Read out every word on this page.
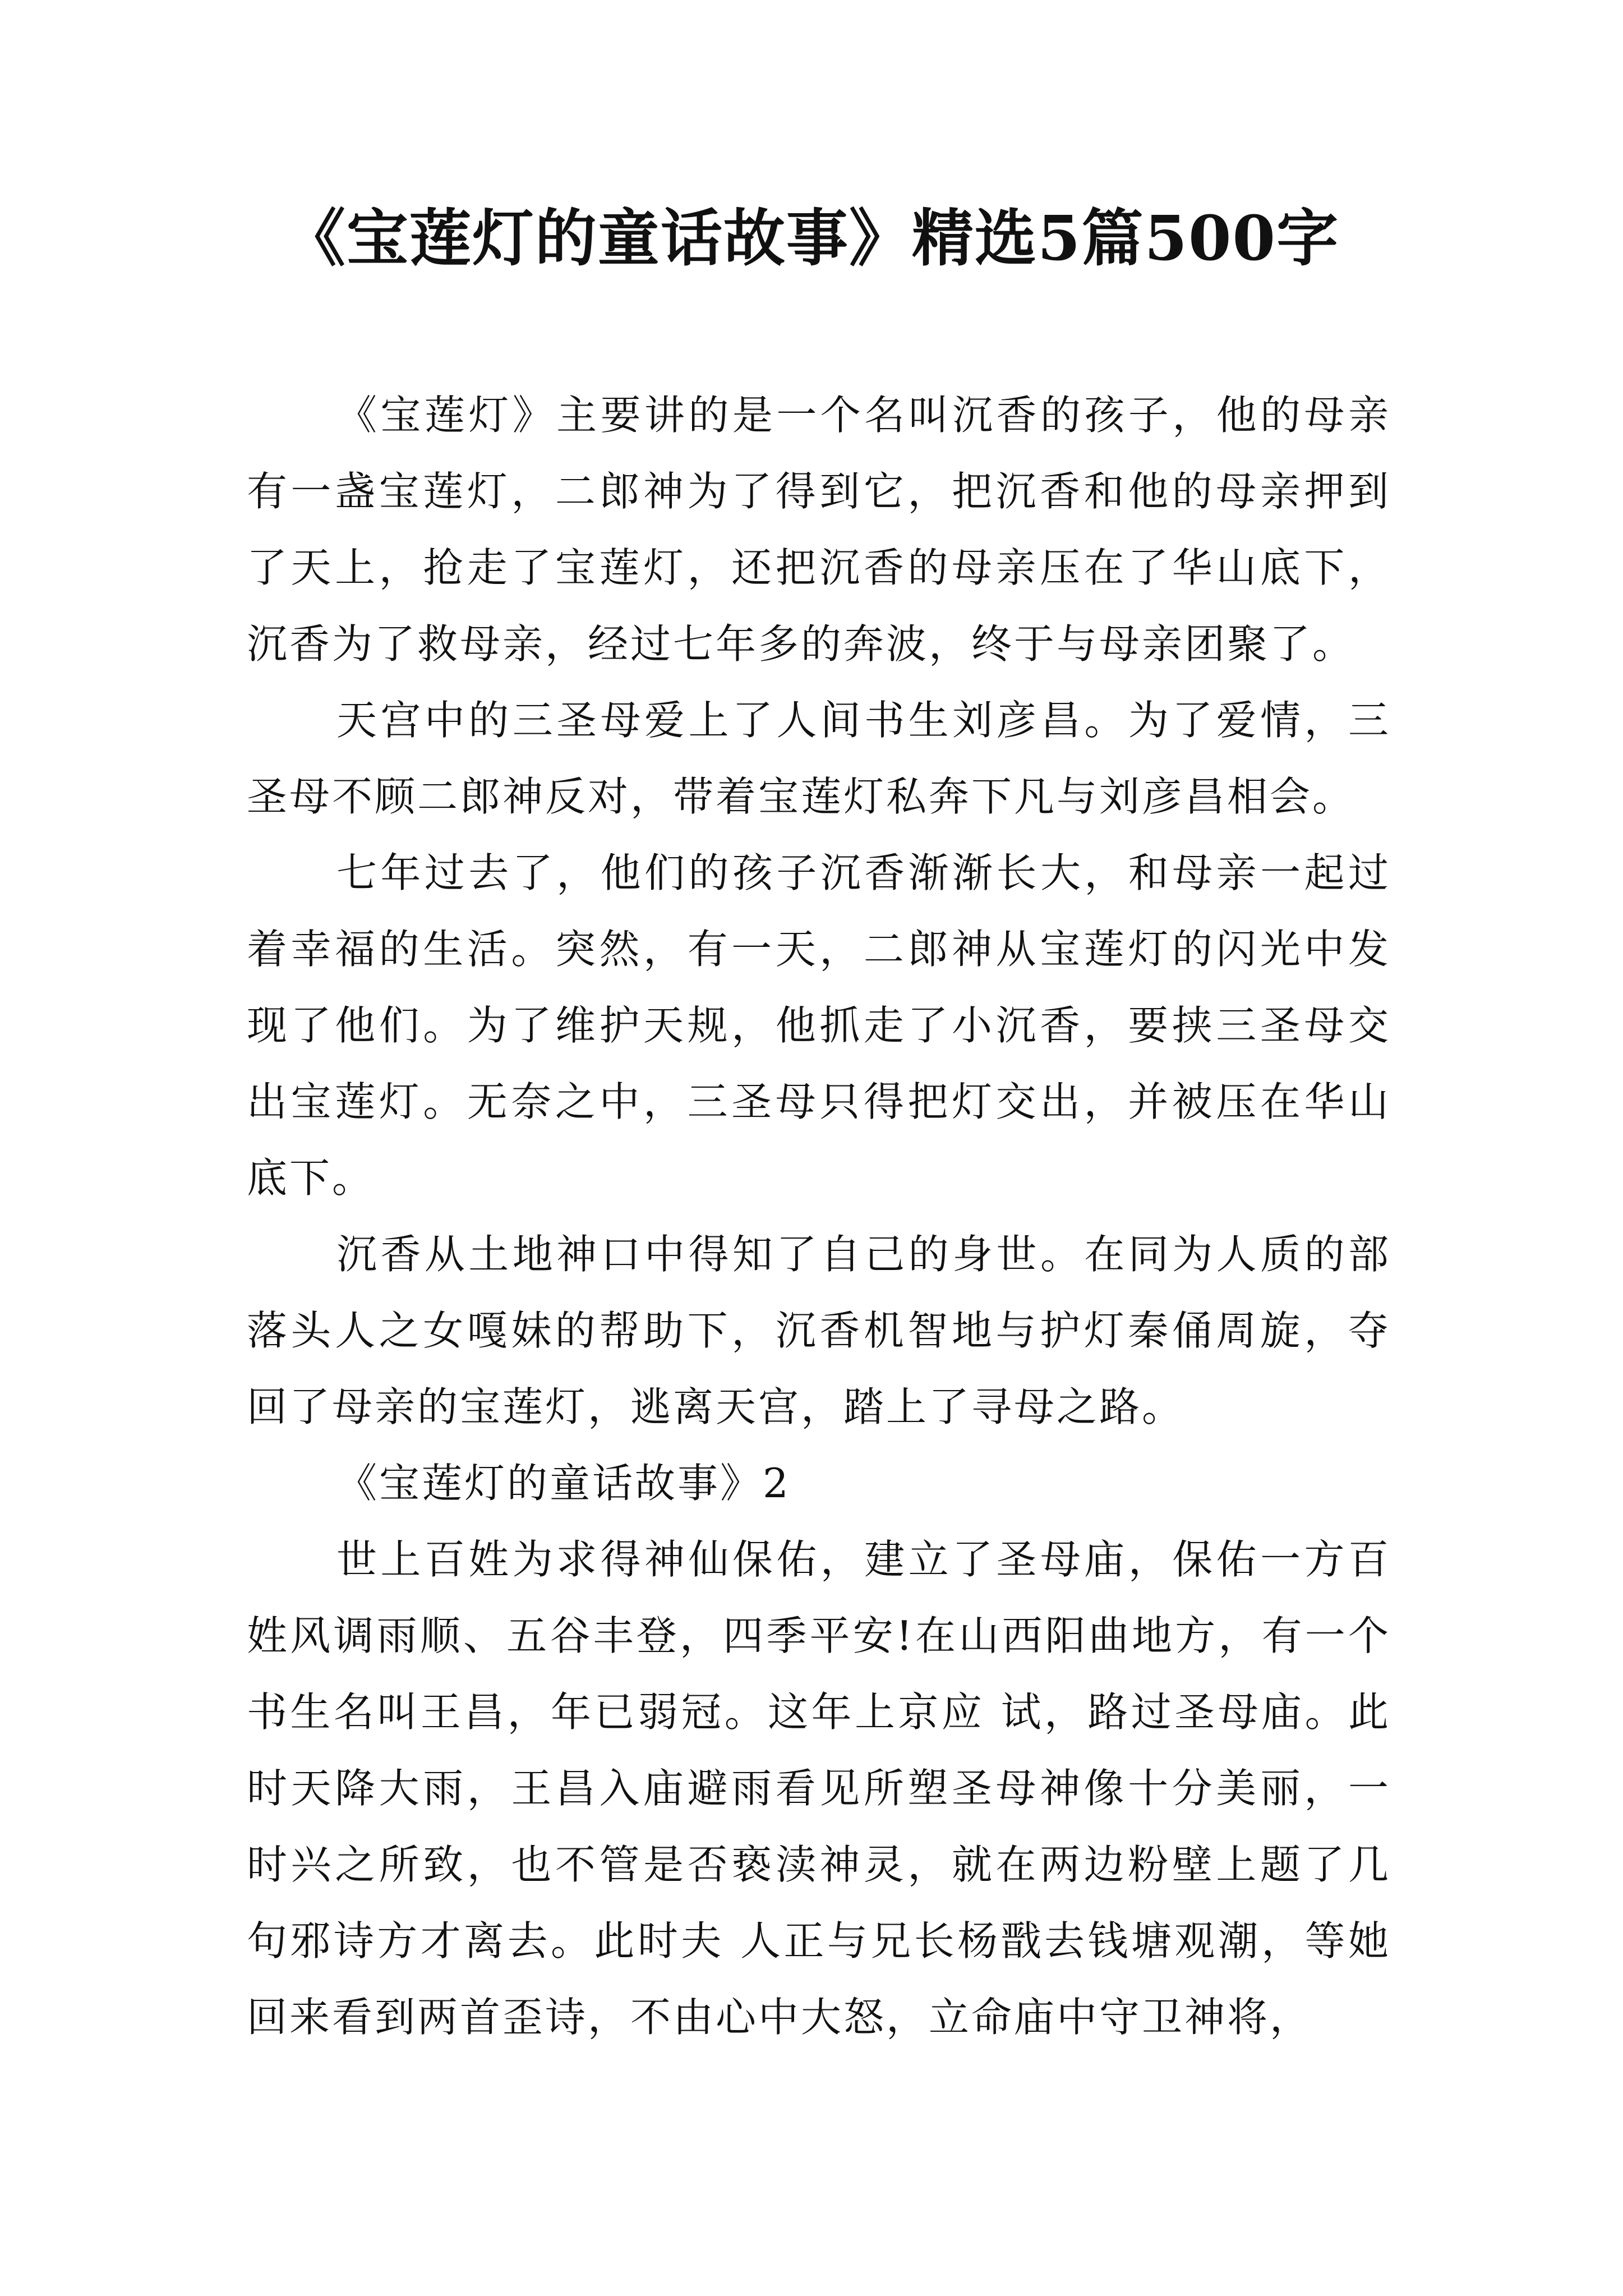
《宝莲灯的童话故事》精选5篇500字

《宝莲灯》主要讲的是一个名叫沉香的孩子，他的母亲有一盏宝莲灯，二郎神为了得到它，把沉香和他的母亲押到了天上，抢走了宝莲灯，还把沉香的母亲压在了华山底下，沉香为了救母亲，经过七年多的奔波，终于与母亲团聚了。

天宫中的三圣母爱上了人间书生刘彦昌。为了爱情，三圣母不顾二郎神反对，带着宝莲灯私奔下凡与刘彦昌相会。

七年过去了，他们的孩子沉香渐渐长大，和母亲一起过着幸福的生活。突然，有一天，二郎神从宝莲灯的闪光中发现了他们。为了维护天规，他抓走了小沉香，要挟三圣母交出宝莲灯。无奈之中，三圣母只得把灯交出，并被压在华山底下。

沉香从土地神口中得知了自己的身世。在同为人质的部落头人之女嘎妹的帮助下，沉香机智地与护灯秦俑周旋，夺回了母亲的宝莲灯，逃离天宫，踏上了寻母之路。

《宝莲灯的童话故事》2

世上百姓为求得神仙保佑，建立了圣母庙，保佑一方百姓风调雨顺、五谷丰登，四季平安!在山西阳曲地方，有一个书生名叫王昌，年已弱冠。这年上京应 试，路过圣母庙。此时天降大雨，王昌入庙避雨看见所塑圣母神像十分美丽，一时兴之所致，也不管是否亵渎神灵，就在两边粉壁上题了几句邪诗方才离去。此时夫 人正与兄长杨戬去钱塘观潮，等她回来看到两首歪诗，不由心中大怒，立命庙中守卫神将，
